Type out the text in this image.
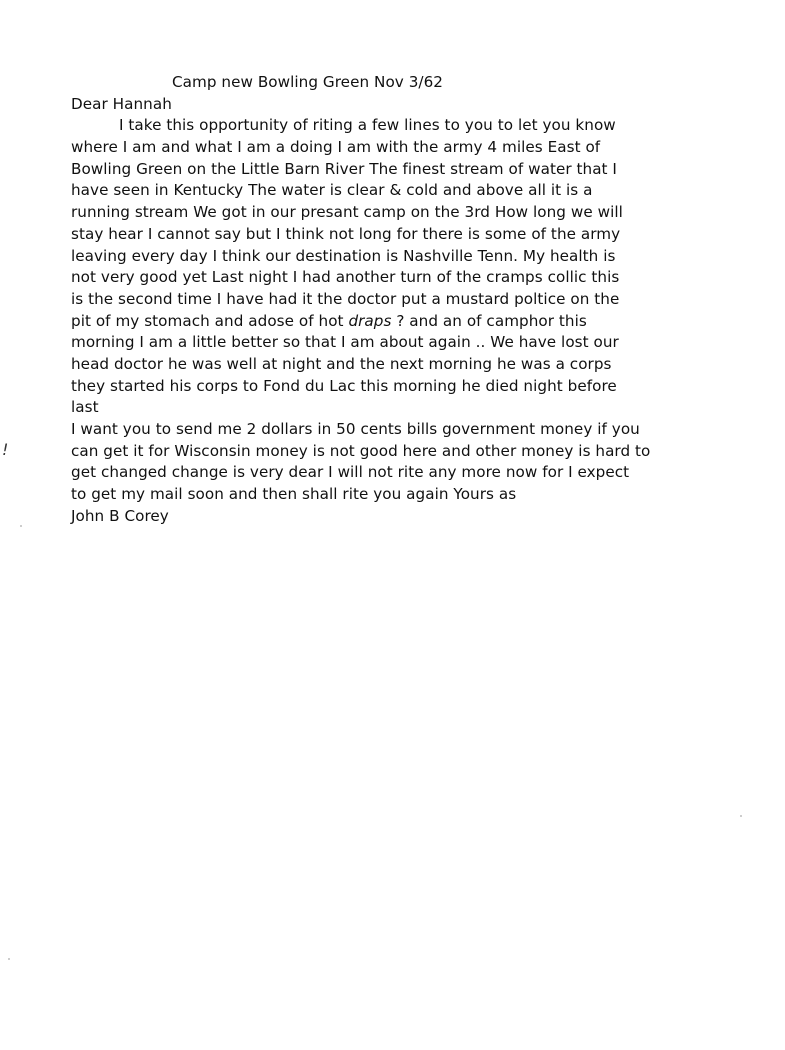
!
Camp new Bowling Green Nov 3/62
Dear Hannah
I take this opportunity of riting a few lines to you to let you know
where I am and what I am a doing I am with the army 4 miles East of
Bowling Green on the Little Barn River The finest stream of water that I
have seen in Kentucky The water is clear & cold and above all it is a
running stream We got in our presant camp on the 3rd How long we will
stay hear I cannot say but I think not long for there is some of the army
leaving every day I think our destination is Nashville Tenn. My health is
not very good yet Last night I had another turn of the cramps collic this
is the second time I have had it the doctor put a mustard poltice on the
pit of my stomach and adose of hot draps ? and an of camphor this
morning I am a little better so that I am about again .. We have lost our
head doctor he was well at night and the next morning he was a corps
they started his corps to Fond du Lac this morning he died night before
last
I want you to send me 2 dollars in 50 cents bills government money if you
can get it for Wisconsin money is not good here and other money is hard to
get changed change is very dear I will not rite any more now for I expect
to get my mail soon and then shall rite you again Yours as
John B Corey
